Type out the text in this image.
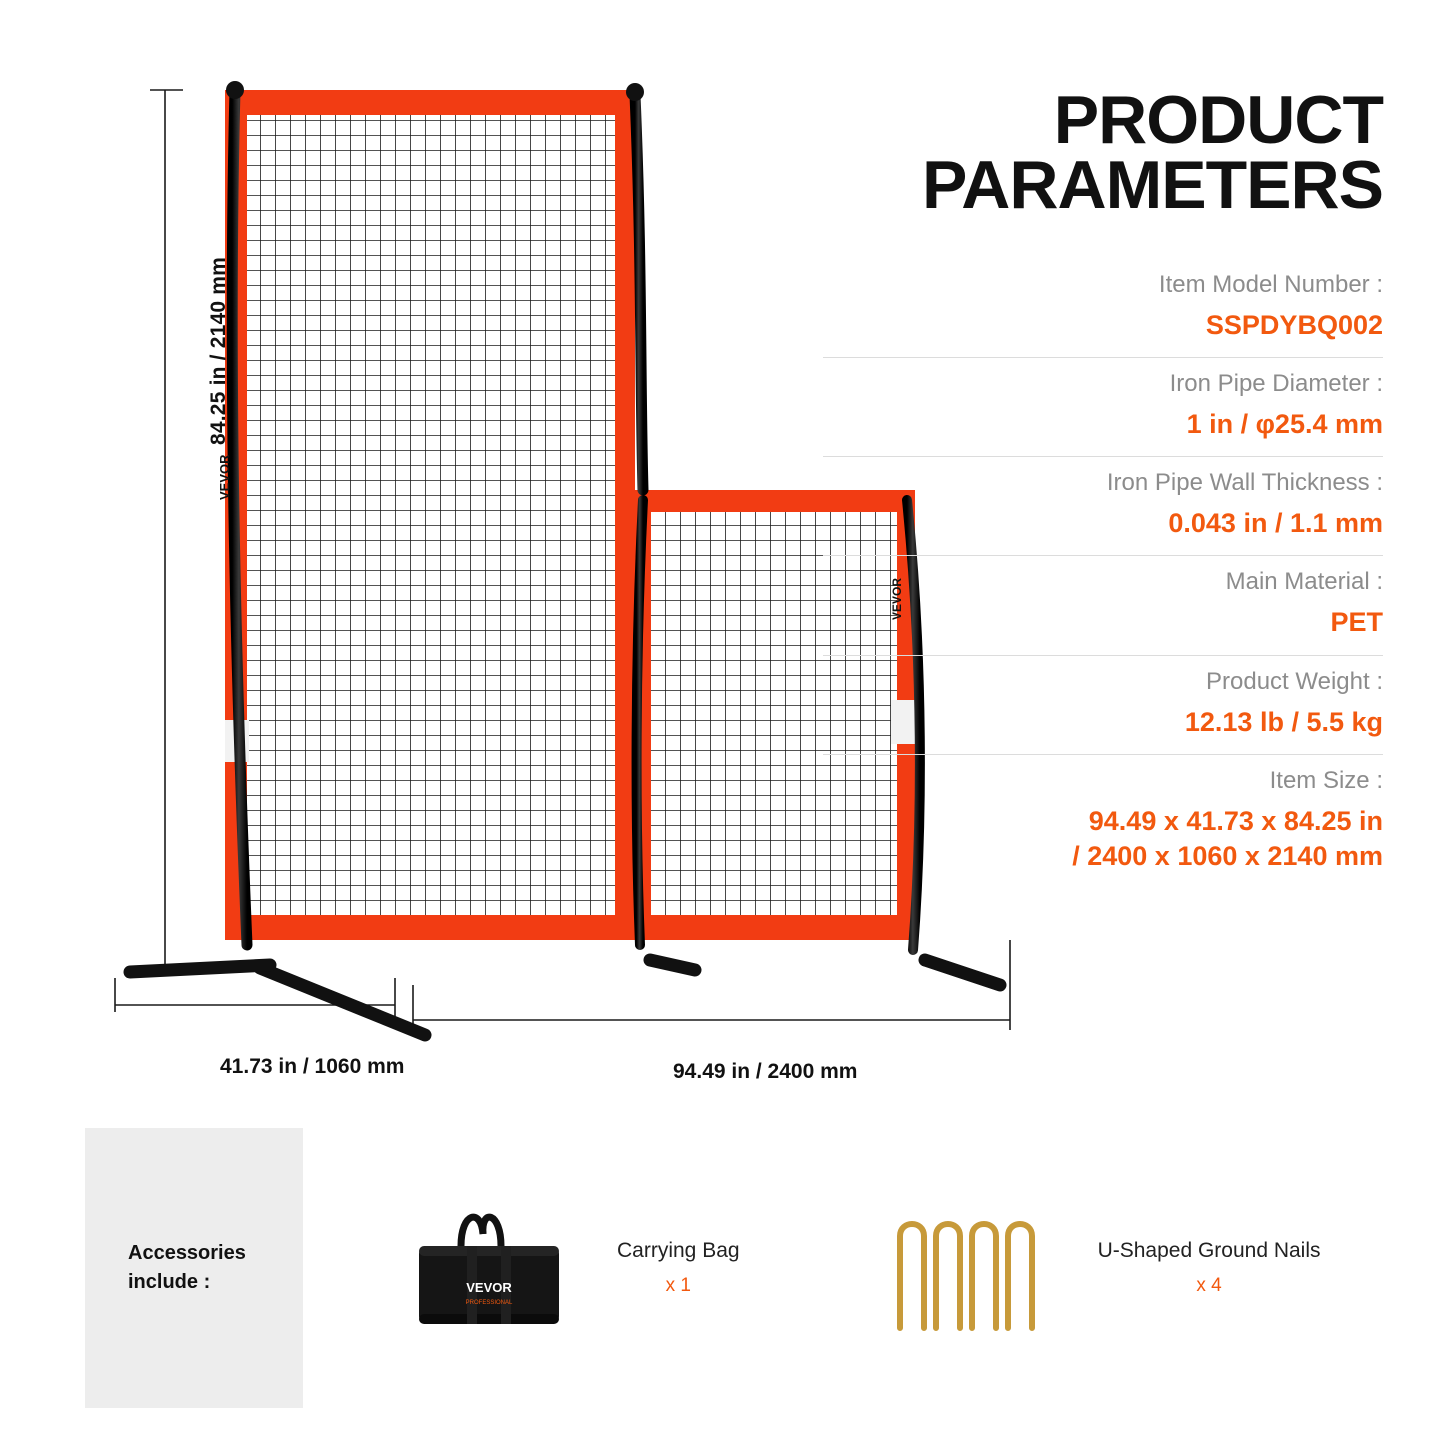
VEVOR
VEVOR
84.25 in / 2140 mm
41.73 in / 1060 mm	94.49 in / 2400 mm
PRODUCT
PARAMETERS
Item Model Number :
SSPDYBQ002
Iron Pipe Diameter :
1 in / φ25.4 mm
Iron Pipe Wall Thickness :
0.043 in / 1.1 mm
Main Material :
PET
Product Weight :
12.13 lb / 5.5 kg
Item Size :
94.49 x 41.73 x 84.25 in
/ 2400 x 1060 x 2140 mm
Accessories
include :	VEVOR
PROFESSIONAL
Carrying Bag
x 1
U-Shaped Ground Nails
x 4
